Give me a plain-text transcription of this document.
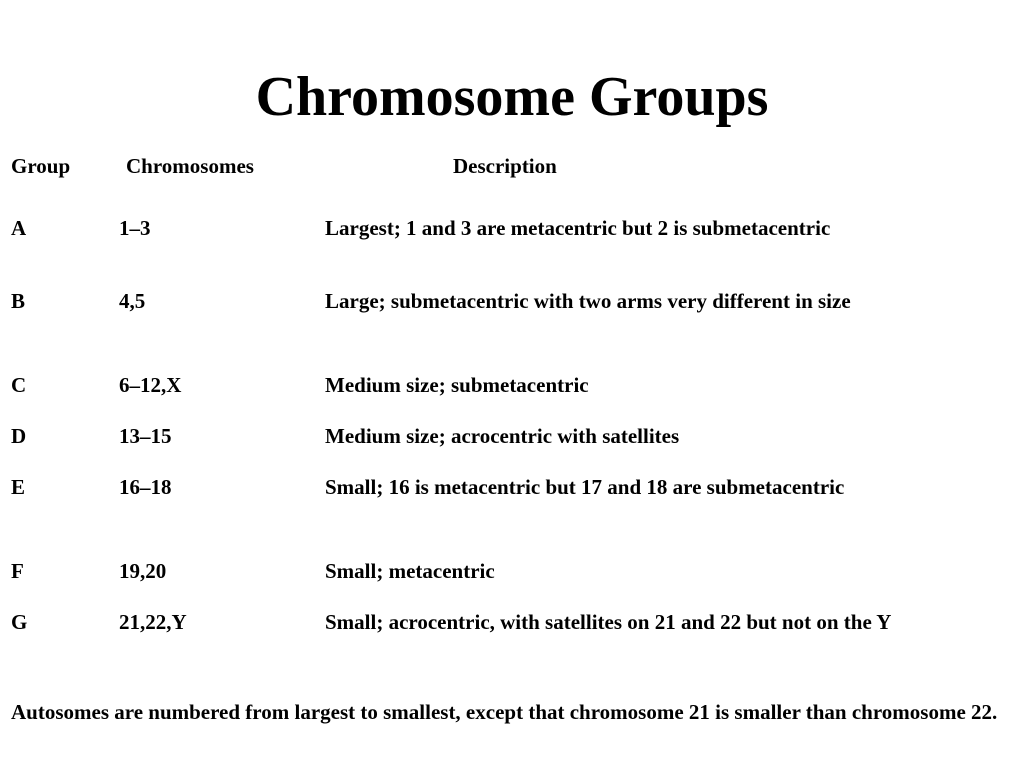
Chromosome Groups
Group	Chromosomes	Description
A	1–3	Largest; 1 and 3 are metacentric but 2 is submetacentric
B	4,5	Large; submetacentric with two arms very different in size
C	6–12,X	Medium size; submetacentric
D	13–15	Medium size; acrocentric with satellites
E	16–18	Small; 16 is metacentric but 17 and 18 are submetacentric
F	19,20	Small; metacentric
G	21,22,Y	Small; acrocentric, with satellites on 21 and 22 but not on the Y
Autosomes are numbered from largest to smallest, except that chromosome 21 is smaller than chromosome 22.
